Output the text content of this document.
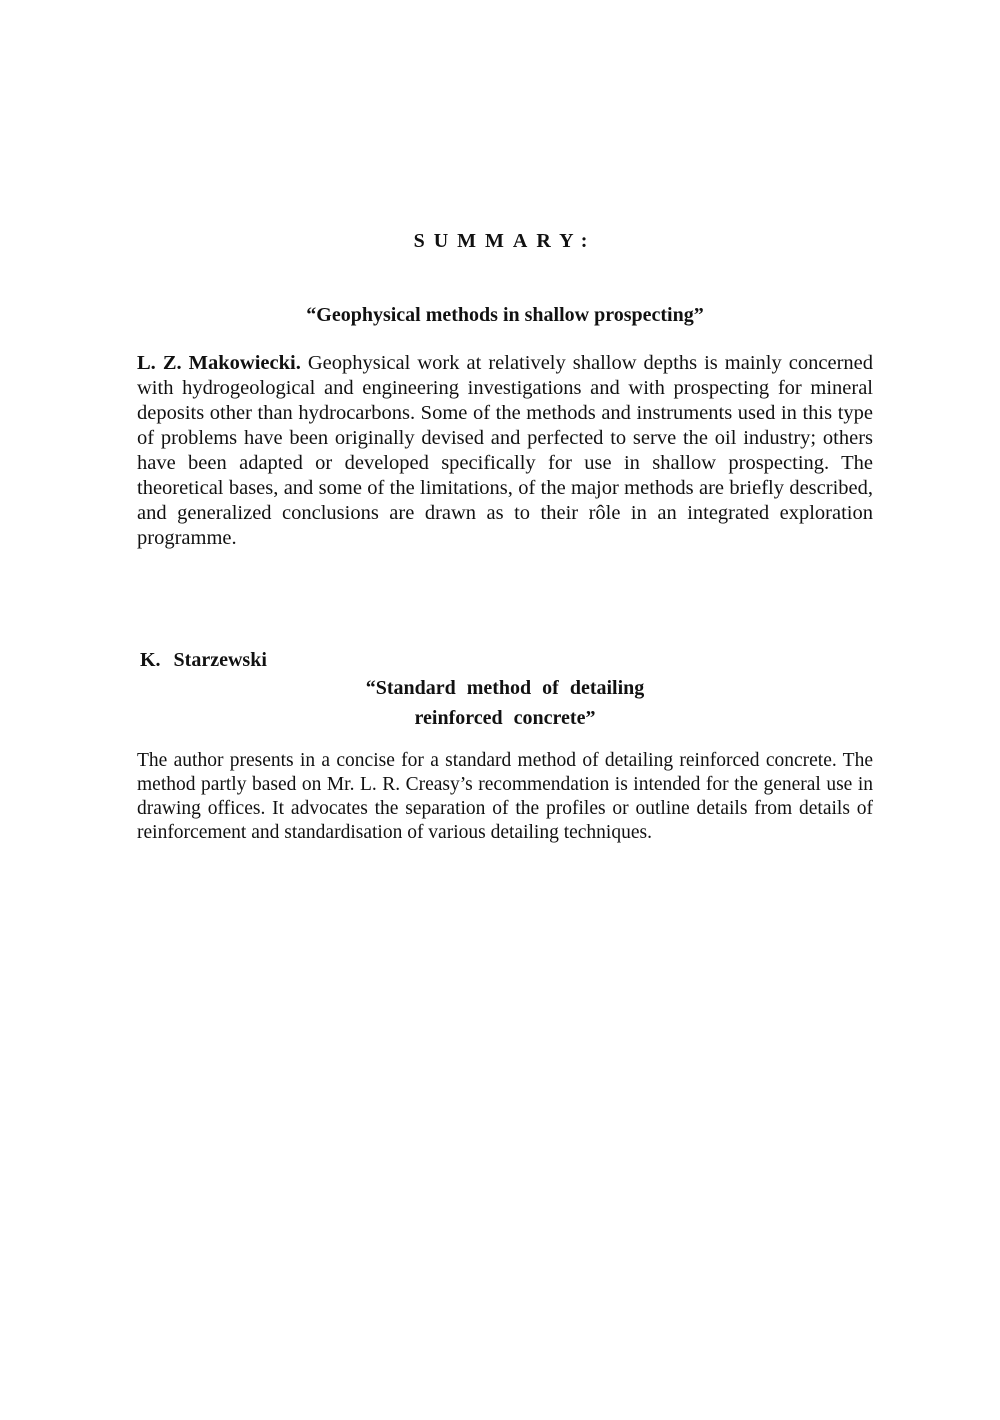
SUMMARY:
“Geophysical methods in shallow prospecting”

L. Z. Makowiecki. Geophysical work at relatively shallow depths is mainly concerned with hydrogeological and engineering investigations and with prospecting for mineral deposits other than hydrocarbons. Some of the methods and instruments used in this type of problems have been originally devised and perfected to serve the oil industry; others have been adapted or developed specifically for use in shallow prospecting. The theoretical bases, and some of the limitations, of the major methods are briefly described, and generalized conclusions are drawn as to their rôle in an integrated exploration programme.

K. Starzewski
“Standard method of detailing
reinforced concrete”

The author presents in a concise for a standard method of detailing reinforced concrete. The method partly based on Mr. L. R. Creasy’s recommendation is intended for the general use in drawing offices. It advocates the separation of the profiles or outline details from details of reinforcement and standardisation of various detailing techniques.
